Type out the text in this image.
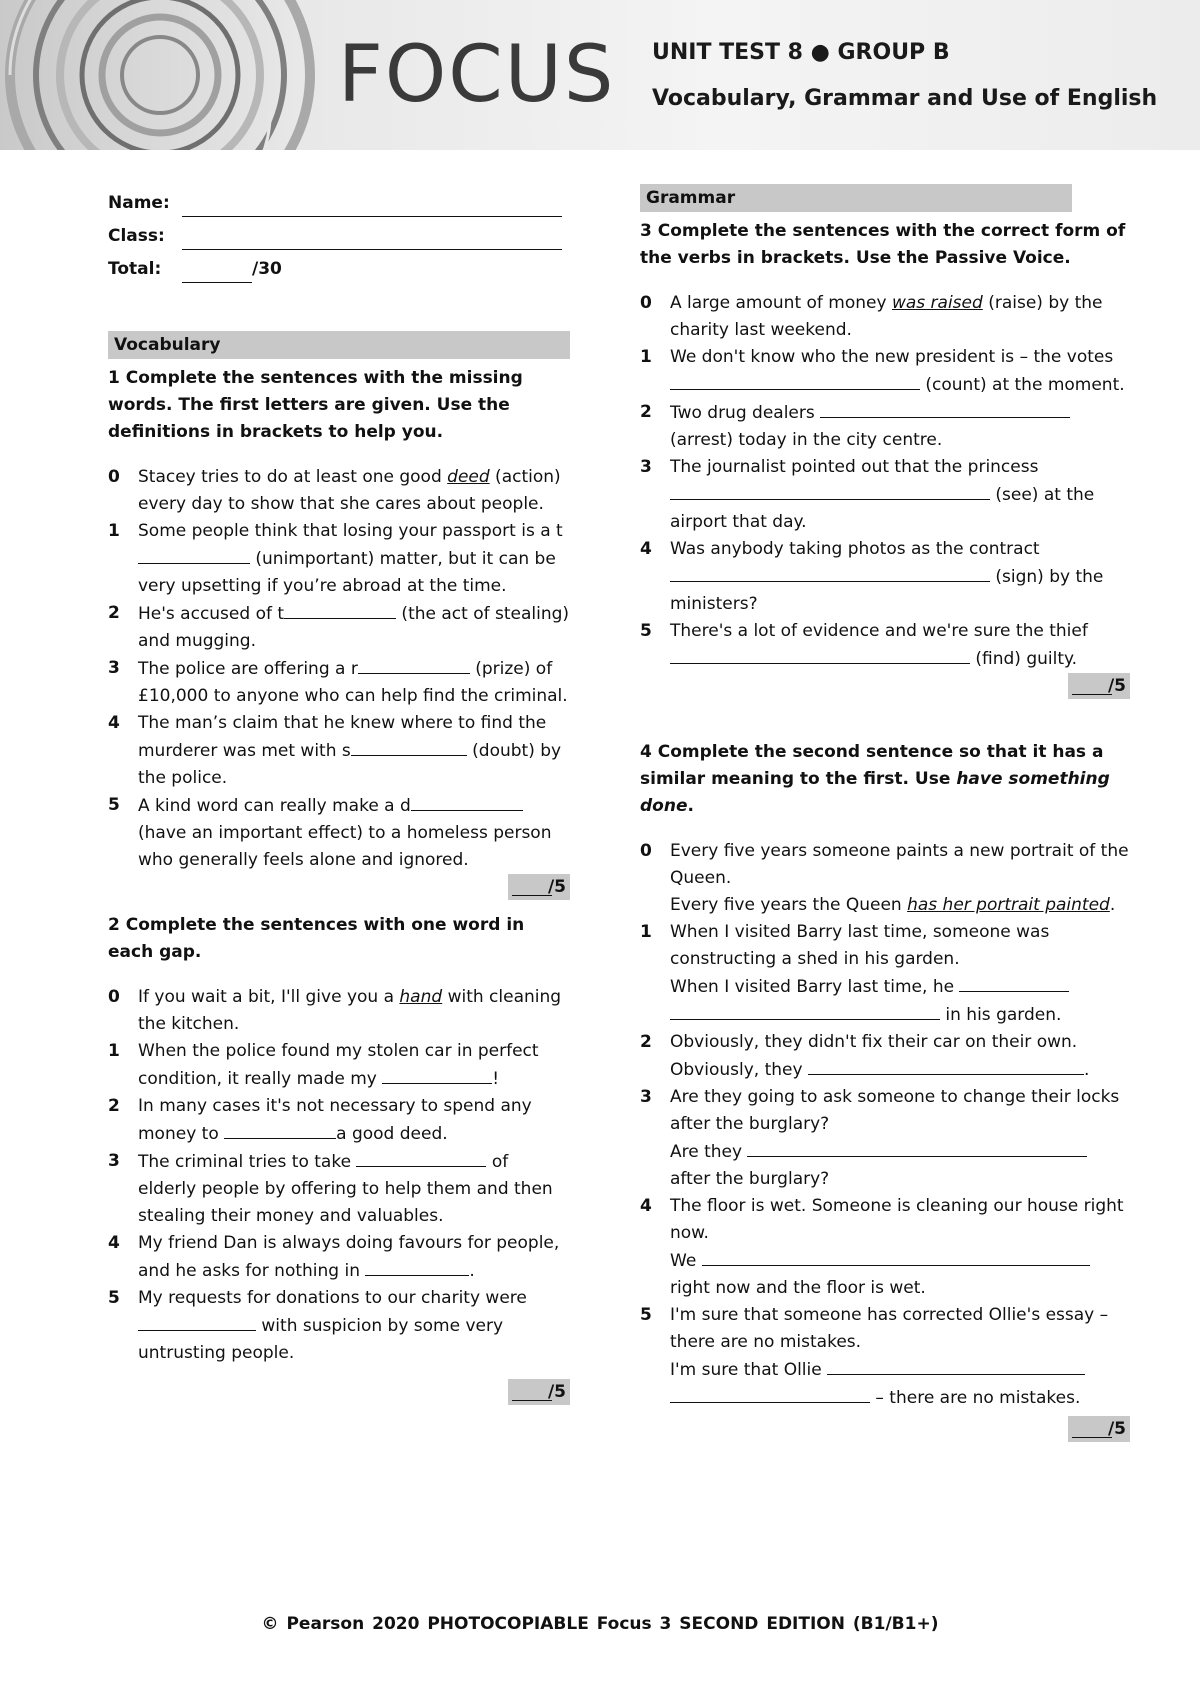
FOCUS UNIT TEST 8 ● GROUP B
Vocabulary, Grammar and Use of English
Name:
Class:
Total:	/30
Vocabulary
1 Complete the sentences with the missing words. The first letters are given. Use the definitions in brackets to help you.
0	Stacey tries to do at least one good deed (action) every day to show that she cares about people.
1	Some people think that losing your passport is a t (unimportant) matter, but it can be very upsetting if you’re abroad at the time.
2	He's accused of t	(the act of stealing) and mugging.
3	The police are offering a r	(prize) of £10,000 to anyone who can help find the criminal.
4	The man’s claim that he knew where to find the murderer was met with s	(doubt) by the police.
5	A kind word can really make a d (have an important effect) to a homeless person who generally feels alone and ignored.
/5
2 Complete the sentences with one word in each gap.
0	If you wait a bit, I'll give you a hand with cleaning the kitchen.
1	When the police found my stolen car in perfect condition, it really made my	!
2	In many cases it's not necessary to spend any money to	a good deed.
3	The criminal tries to take	of elderly people by offering to help them and then stealing their money and valuables.
4	My friend Dan is always doing favours for people, and he asks for nothing in	.
5	My requests for donations to our charity were  with suspicion by some very untrusting people.
/5
Grammar
3 Complete the sentences with the correct form of the verbs in brackets. Use the Passive Voice.
0	A large amount of money was raised (raise) by the charity last weekend.
1	We don't know who the new president is – the votes  (count) at the moment.
2	Two drug dealers  (arrest) today in the city centre.
3	The journalist pointed out that the princess  (see) at the airport that day.
4	Was anybody taking photos as the contract  (sign) by the ministers?
5	There's a lot of evidence and we're sure the thief  (find) guilty.
/5
4 Complete the second sentence so that it has a similar meaning to the first. Use have something done.
0	Every five years someone paints a new portrait of the Queen.
Every five years the Queen has her portrait painted.
1	When I visited Barry last time, someone was constructing a shed in his garden.
When I visited Barry last time, he
in his garden.
2	Obviously, they didn't fix their car on their own.
Obviously, they	.
3	Are they going to ask someone to change their locks after the burglary?
Are they
after the burglary?
4	The floor is wet. Someone is cleaning our house right now.
We
right now and the floor is wet.
5	I'm sure that someone has corrected Ollie's essay – there are no mistakes.
I'm sure that Ollie
– there are no mistakes.
/5
© Pearson 2020 PHOTOCOPIABLE Focus 3 SECOND EDITION (B1/B1+)
